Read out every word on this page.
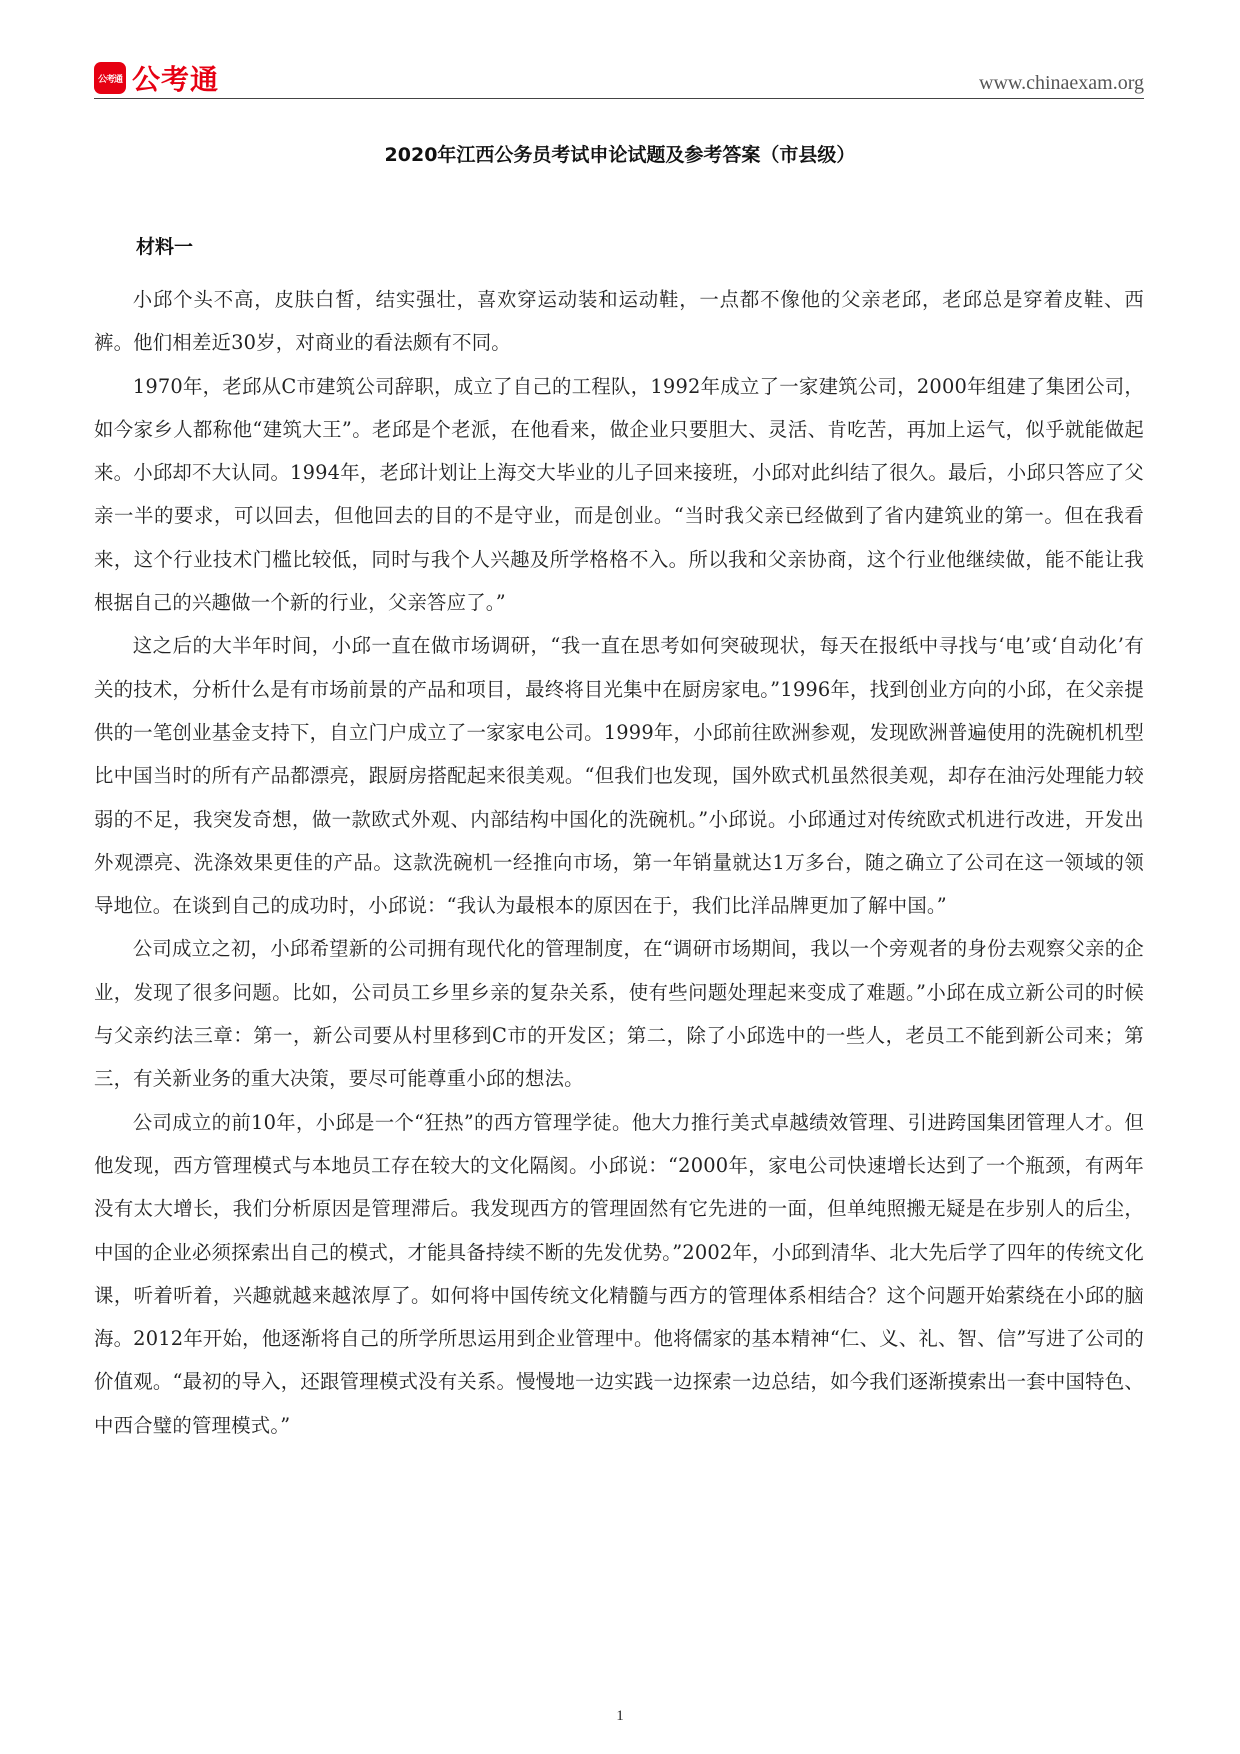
公考通 公考通	www.chinaexam.org
2020年江西公务员考试申论试题及参考答案（市县级）
材料一

小邱个头不高，皮肤白皙，结实强壮，喜欢穿运动装和运动鞋，一点都不像他的父亲老邱，老邱总是穿着皮鞋、西裤。他们相差近30岁，对商业的看法颇有不同。

1970年，老邱从C市建筑公司辞职，成立了自己的工程队，1992年成立了一家建筑公司，2000年组建了集团公司，如今家乡人都称他“建筑大王”。老邱是个老派，在他看来，做企业只要胆大、灵活、肯吃苦，再加上运气，似乎就能做起来。小邱却不大认同。1994年，老邱计划让上海交大毕业的儿子回来接班，小邱对此纠结了很久。最后，小邱只答应了父亲一半的要求，可以回去，但他回去的目的不是守业，而是创业。“当时我父亲已经做到了省内建筑业的第一。但在我看来，这个行业技术门槛比较低，同时与我个人兴趣及所学格格不入。所以我和父亲协商，这个行业他继续做，能不能让我根据自己的兴趣做一个新的行业，父亲答应了。”

这之后的大半年时间，小邱一直在做市场调研，“我一直在思考如何突破现状，每天在报纸中寻找与‘电’或‘自动化’有关的技术，分析什么是有市场前景的产品和项目，最终将目光集中在厨房家电。”1996年，找到创业方向的小邱，在父亲提供的一笔创业基金支持下，自立门户成立了一家家电公司。1999年，小邱前往欧洲参观，发现欧洲普遍使用的洗碗机机型比中国当时的所有产品都漂亮，跟厨房搭配起来很美观。“但我们也发现，国外欧式机虽然很美观，却存在油污处理能力较弱的不足，我突发奇想，做一款欧式外观、内部结构中国化的洗碗机。”小邱说。小邱通过对传统欧式机进行改进，开发出外观漂亮、洗涤效果更佳的产品。这款洗碗机一经推向市场，第一年销量就达1万多台，随之确立了公司在这一领域的领导地位。在谈到自己的成功时，小邱说：“我认为最根本的原因在于，我们比洋品牌更加了解中国。”

公司成立之初，小邱希望新的公司拥有现代化的管理制度，在“调研市场期间，我以一个旁观者的身份去观察父亲的企业，发现了很多问题。比如，公司员工乡里乡亲的复杂关系，使有些问题处理起来变成了难题。”小邱在成立新公司的时候与父亲约法三章：第一，新公司要从村里移到C市的开发区；第二，除了小邱选中的一些人，老员工不能到新公司来；第三，有关新业务的重大决策，要尽可能尊重小邱的想法。

公司成立的前10年，小邱是一个“狂热”的西方管理学徒。他大力推行美式卓越绩效管理、引进跨国集团管理人才。但他发现，西方管理模式与本地员工存在较大的文化隔阂。小邱说：“2000年，家电公司快速增长达到了一个瓶颈，有两年没有太大增长，我们分析原因是管理滞后。我发现西方的管理固然有它先进的一面，但单纯照搬无疑是在步别人的后尘，中国的企业必须探索出自己的模式，才能具备持续不断的先发优势。”2002年，小邱到清华、北大先后学了四年的传统文化课，听着听着，兴趣就越来越浓厚了。如何将中国传统文化精髓与西方的管理体系相结合？这个问题开始萦绕在小邱的脑海。2012年开始，他逐渐将自己的所学所思运用到企业管理中。他将儒家的基本精神“仁、义、礼、智、信”写进了公司的价值观。“最初的导入，还跟管理模式没有关系。慢慢地一边实践一边探索一边总结，如今我们逐渐摸索出一套中国特色、中西合璧的管理模式。”

1
